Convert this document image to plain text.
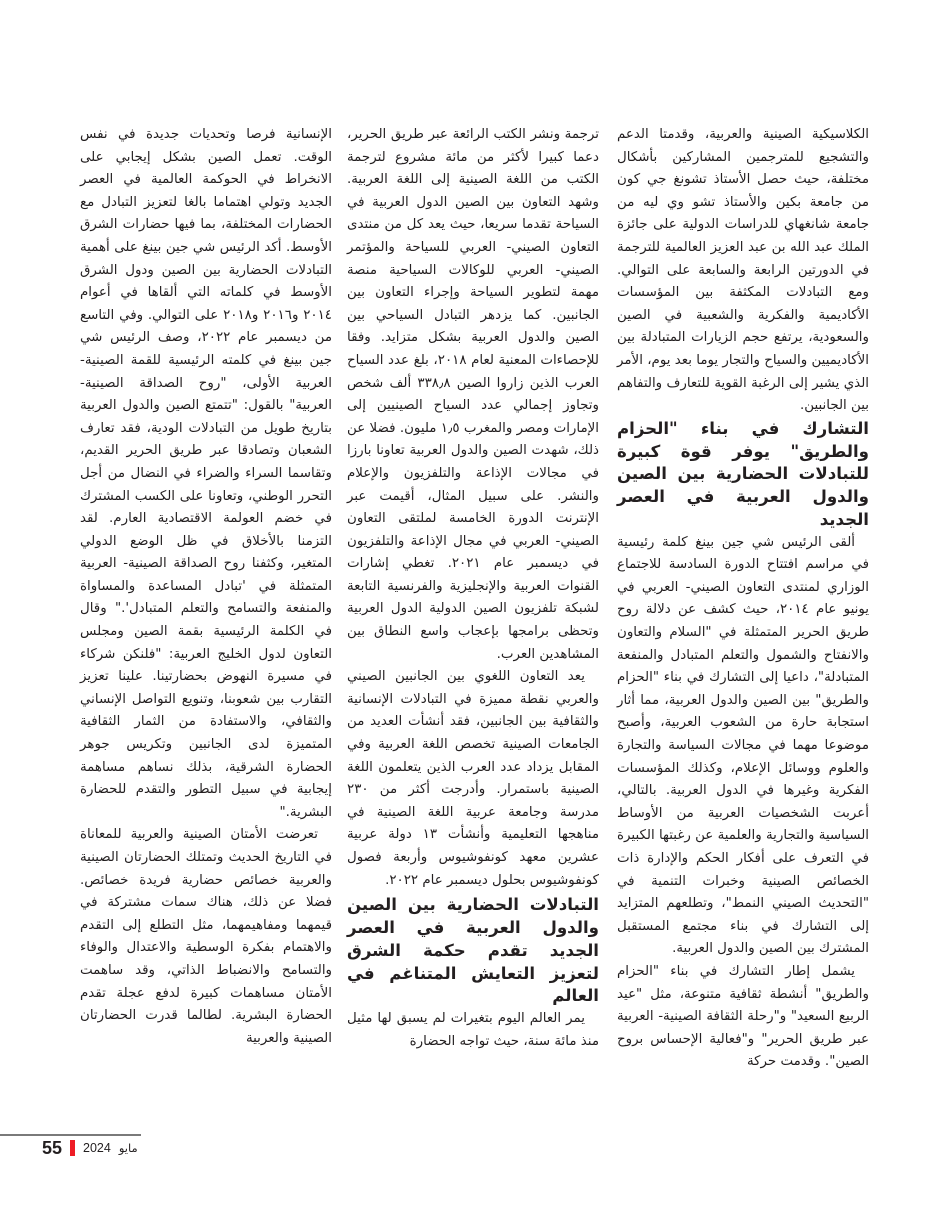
الكلاسيكية الصينية والعربية، وقدمتا الدعم والتشجيع للمترجمين المشاركين بأشكال مختلفة، حيث حصل الأستاذ تشونغ جي كون من جامعة بكين والأستاذ تشو وي ليه من جامعة شانغهاي للدراسات الدولية على جائزة الملك عبد الله بن عبد العزيز العالمية للترجمة في الدورتين الرابعة والسابعة على التوالي. ومع التبادلات المكثفة بين المؤسسات الأكاديمية والفكرية والشعبية في الصين والسعودية، يرتفع حجم الزيارات المتبادلة بين الأكاديميين والسياح والتجار يوما بعد يوم، الأمر الذي يشير إلى الرغبة القوية للتعارف والتفاهم بين الجانبين.

التشارك في بناء "الحزام والطريق" يوفر قوة كبيرة للتبادلات الحضارية بين الصين والدول العربية في العصر الجديد

ألقى الرئيس شي جين بينغ كلمة رئيسية في مراسم افتتاح الدورة السادسة للاجتماع الوزاري لمنتدى التعاون الصيني- العربي في يونيو عام ٢٠١٤، حيث كشف عن دلالة روح طريق الحرير المتمثلة في "السلام والتعاون والانفتاح والشمول والتعلم المتبادل والمنفعة المتبادلة"، داعيا إلى التشارك في بناء "الحزام والطريق" بين الصين والدول العربية، مما أثار استجابة حارة من الشعوب العربية، وأصبح موضوعا مهما في مجالات السياسة والتجارة والعلوم ووسائل الإعلام، وكذلك المؤسسات الفكرية وغيرها في الدول العربية. بالتالي، أعربت الشخصيات العربية من الأوساط السياسية والتجارية والعلمية عن رغبتها الكبيرة في التعرف على أفكار الحكم والإدارة ذات الخصائص الصينية وخبرات التنمية في "التحديث الصيني النمط"، وتطلعهم المتزايد إلى التشارك في بناء مجتمع المستقبل المشترك بين الصين والدول العربية.

يشمل إطار التشارك في بناء "الحزام والطريق" أنشطة ثقافية متنوعة، مثل "عيد الربيع السعيد" و"رحلة الثقافة الصينية- العربية عبر طريق الحرير" و"فعالية الإحساس بروح الصين". وقدمت حركة

ترجمة ونشر الكتب الرائعة عبر طريق الحرير، دعما كبيرا لأكثر من مائة مشروع لترجمة الكتب من اللغة الصينية إلى اللغة العربية. وشهد التعاون بين الصين الدول العربية في السياحة تقدما سريعا، حيث يعد كل من منتدى التعاون الصيني- العربي للسياحة والمؤتمر الصيني- العربي للوكالات السياحية منصة مهمة لتطوير السياحة وإجراء التعاون بين الجانبين. كما يزدهر التبادل السياحي بين الصين والدول العربية بشكل متزايد. وفقا للإحصاءات المعنية لعام ٢٠١٨، بلغ عدد السياح العرب الذين زاروا الصين ٣٣٨٫٨ ألف شخص وتجاوز إجمالي عدد السياح الصينيين إلى الإمارات ومصر والمغرب ١٫٥ مليون. فضلا عن ذلك، شهدت الصين والدول العربية تعاونا بارزا في مجالات الإذاعة والتلفزيون والإعلام والنشر. على سبيل المثال، أقيمت عبر الإنترنت الدورة الخامسة لملتقى التعاون الصيني- العربي في مجال الإذاعة والتلفزيون في ديسمبر عام ٢٠٢١. تغطي إشارات القنوات العربية والإنجليزية والفرنسية التابعة لشبكة تلفزيون الصين الدولية الدول العربية وتحظى برامجها بإعجاب واسع النطاق بين المشاهدين العرب.

يعد التعاون اللغوي بين الجانبين الصيني والعربي نقطة مميزة في التبادلات الإنسانية والثقافية بين الجانبين، فقد أنشأت العديد من الجامعات الصينية تخصص اللغة العربية وفي المقابل يزداد عدد العرب الذين يتعلمون اللغة الصينية باستمرار. وأدرجت أكثر من ٢٣٠ مدرسة وجامعة عربية اللغة الصينية في مناهجها التعليمية وأنشأت ١٣ دولة عربية عشرين معهد كونفوشيوس وأربعة فصول كونفوشيوس بحلول ديسمبر عام ٢٠٢٢.

التبادلات الحضارية بين الصين والدول العربية في العصر الجديد تقدم حكمة الشرق لتعزيز التعايش المتناغم في العالم

يمر العالم اليوم بتغيرات لم يسبق لها مثيل منذ مائة سنة، حيث تواجه الحضارة

الإنسانية فرصا وتحديات جديدة في نفس الوقت. تعمل الصين بشكل إيجابي على الانخراط في الحوكمة العالمية في العصر الجديد وتولي اهتماما بالغا لتعزيز التبادل مع الحضارات المختلفة، بما فيها حضارات الشرق الأوسط. أكد الرئيس شي جين بينغ على أهمية التبادلات الحضارية بين الصين ودول الشرق الأوسط في كلماته التي ألقاها في أعوام ٢٠١٤ و٢٠١٦ و٢٠١٨ على التوالي. وفي التاسع من ديسمبر عام ٢٠٢٢، وصف الرئيس شي جين بينغ في كلمته الرئيسية للقمة الصينية- العربية الأولى، "روح الصداقة الصينية- العربية" بالقول: "تتمتع الصين والدول العربية بتاريخ طويل من التبادلات الودية، فقد تعارف الشعبان وتصادقا عبر طريق الحرير القديم، وتقاسما السراء والضراء في النضال من أجل التحرر الوطني، وتعاونا على الكسب المشترك في خضم العولمة الاقتصادية العارم. لقد التزمنا بالأخلاق في ظل الوضع الدولي المتغير، وكثفنا روح الصداقة الصينية- العربية المتمثلة في 'تبادل المساعدة والمساواة والمنفعة والتسامح والتعلم المتبادل'." وقال في الكلمة الرئيسية بقمة الصين ومجلس التعاون لدول الخليج العربية: "فلنكن شركاء في مسيرة النهوض بحضارتينا. علينا تعزيز التقارب بين شعوبنا، وتنويع التواصل الإنساني والثقافي، والاستفادة من الثمار الثقافية المتميزة لدى الجانبين وتكريس جوهر الحضارة الشرقية، بذلك نساهم مساهمة إيجابية في سبيل التطور والتقدم للحضارة البشرية."

تعرضت الأمتان الصينية والعربية للمعاناة في التاريخ الحديث وتمتلك الحضارتان الصينية والعربية خصائص حضارية فريدة خصائص. فضلا عن ذلك، هناك سمات مشتركة في قيمهما ومفاهيمهما، مثل التطلع إلى التقدم والاهتمام بفكرة الوسطية والاعتدال والوفاء والتسامح والانضباط الذاتي، وقد ساهمت الأمتان مساهمات كبيرة لدفع عجلة تقدم الحضارة البشرية. لطالما قدرت الحضارتان الصينية والعربية

55 2024 مايو
